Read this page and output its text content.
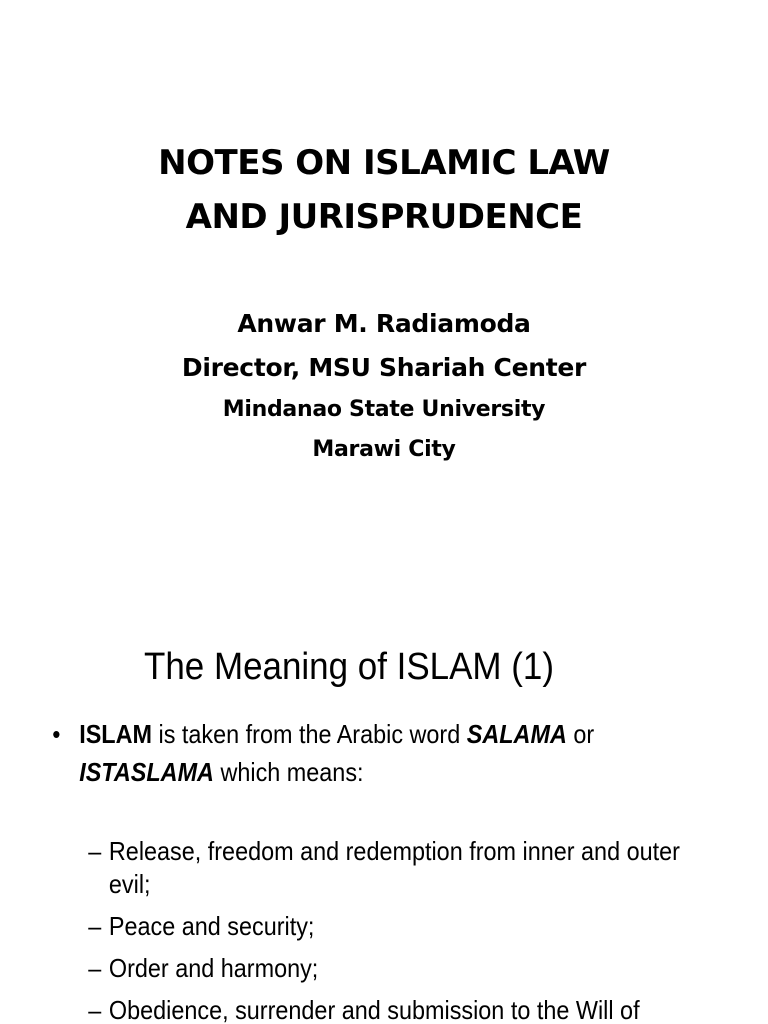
NOTES ON ISLAMIC LAW
AND JURISPRUDENCE
Anwar M. Radiamoda
Director, MSU Shariah Center
Mindanao State University
Marawi City
The Meaning of ISLAM (1)
• ISLAM is taken from the Arabic word SALAMA or ISTASLAMA which means:
– Release, freedom and redemption from inner and outer evil;
– Peace and security;
– Order and harmony;
– Obedience, surrender and submission to the Will of
